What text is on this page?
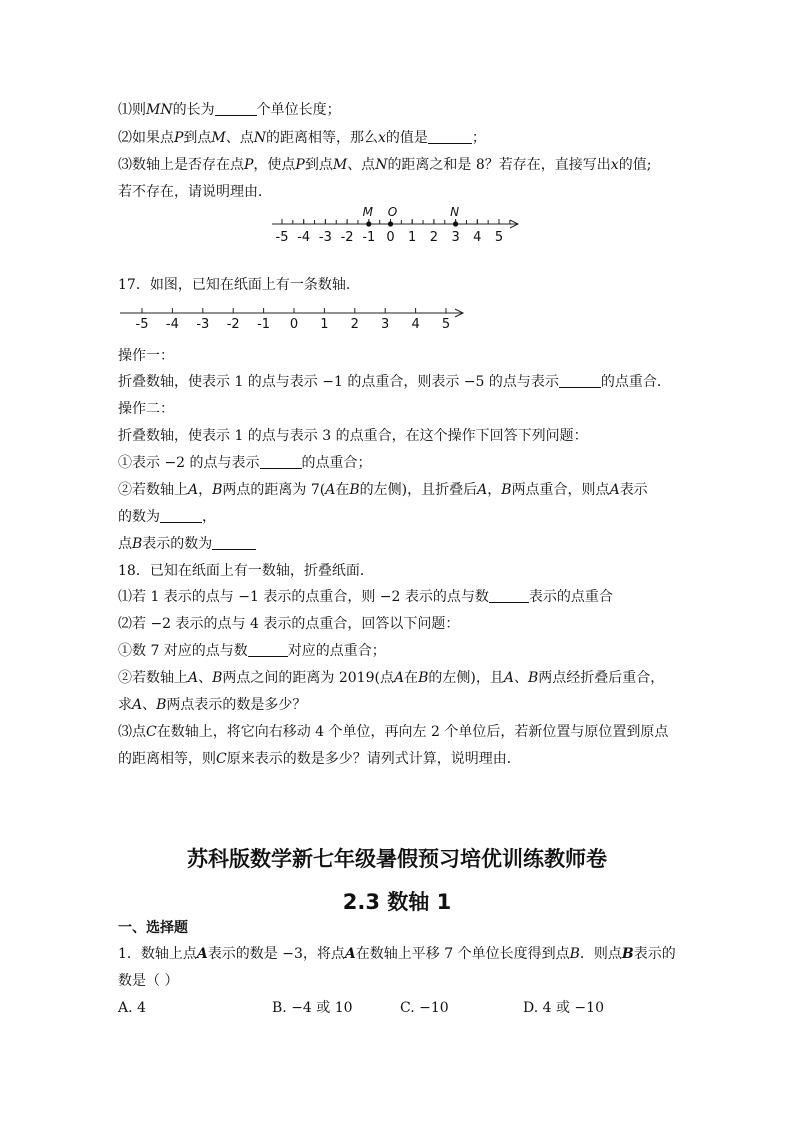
⑴则MN的长为	个单位长度；
⑵如果点P到点M、点N的距离相等，那么x的值是	；
⑶数轴上是否存在点P，使点P到点M、点N的距离之和是 8？若存在，直接写出x的值;
若不存在，请说明理由．
-5 -4 -3 -2 -1 0 1 2 3 4 5
M O	N
17．如图，已知在纸面上有一条数轴．
-5 -4 -3 -2 -1 0 1 2 3 4 5
操作一：
折叠数轴，使表示 1 的点与表示 −1 的点重合，则表示 −5 的点与表示	的点重合．
操作二：
折叠数轴，使表示 1 的点与表示 3 的点重合，在这个操作下回答下列问题：
①表示 −2 的点与表示	的点重合；
②若数轴上A，B两点的距离为 7(A在B的左侧)，且折叠后A，B两点重合，则点A表示
的数为	，
点B表示的数为
18．已知在纸面上有一数轴，折叠纸面．
⑴若 1 表示的点与 −1 表示的点重合，则 −2 表示的点与数	表示的点重合
⑵若 −2 表示的点与 4 表示的点重合，回答以下问题：
①数 7 对应的点与数	对应的点重合；
②若数轴上A、B两点之间的距离为 2019(点A在B的左侧)，且A、B两点经折叠后重合，
求A、B两点表示的数是多少？
⑶点C在数轴上，将它向右移动 4 个单位，再向左 2 个单位后，若新位置与原位置到原点
的距离相等，则C原来表示的数是多少？请列式计算，说明理由．
苏科版数学新七年级暑假预习培优训练教师卷
2.3 数轴 1
一、选择题
1．数轴上点A表示的数是 −3，将点A在数轴上平移 7 个单位长度得到点B．则点B表示的
数是（ ）
A. 4	B. −4 或 10	C. −10	D. 4 或 −10
